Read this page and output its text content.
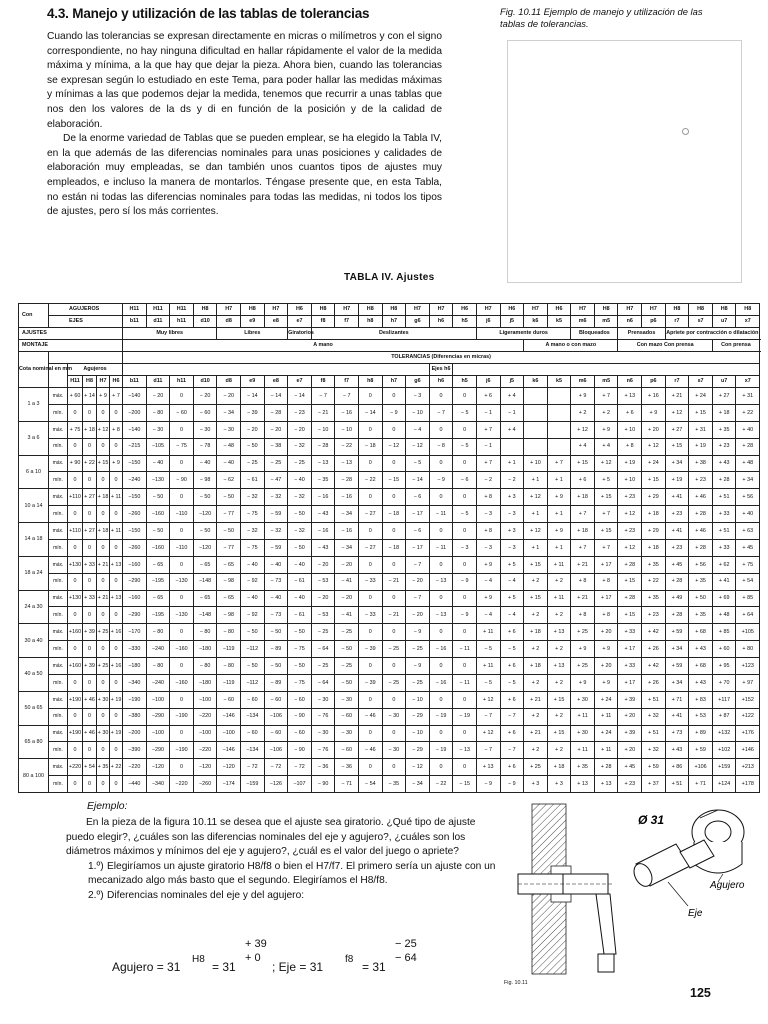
4.3. Manejo y utilización de las tablas de tolerancias

Cuando las tolerancias se expresan directamente en micras o milímetros y con el signo correspondiente, no hay ninguna dificultad en hallar rápidamente el valor de la medida máxima y mínima, a la que hay que dejar la pieza. Ahora bien, cuando las tolerancias se expresan según lo estudiado en este Tema, para poder hallar las medidas máximas y mínimas a las que podemos dejar la medida, tenemos que recurrir a unas tablas que nos den los valores de la ds y di en función de la posición y de la calidad de elaboración.

De la enorme variedad de Tablas que se pueden emplear, se ha elegido la Tabla IV, en la que además de las diferencias nominales para unas posiciones y calidades de elaboración muy empleadas, se dan también unos cuantos tipos de ajustes muy empleados, e incluso la manera de montarlos. Téngase presente que, en esta Tabla, no están ni todas las diferencias nominales para todas las medidas, ni todos los tipos de ajustes, pero sí los más corrientes.

Fig. 10.11 Ejemplo de manejo y utilización de las tablas de tolerancias.
TABLA IV. Ajustes
Con	AGUJEROS					H11	H11	H11	H8	H7	H8	H7	H6	H8	H7	H8	H8	H7	H7	H6	H7	H6	H7	H6	H7	H8	H7	H7	H8	H8	H8	H8	
	EJES					b11	d11	h11	d10	d8	e9	e8	e7	f8	f7	h8	h7	g6	h6	h5	j6	j5	k6	k5	m6	m5	n6	p6	r7	s7	u7	x7	
AJUSTES						Muy libres				Libres			Giratorios	Deslizantes							Ligeramente duros				Bloqueados		Prensados		Apriete por contracción o dilatación				
MONTAJE						A mano																	A mano o con mazo				Con mazo Con prensa				Con prensa	
Cota nominal en mm						TOLERANCIAS (Diferencias en micras)																											
		Agujeros																	Ejes h6														
		H11	H8	H7	H6	b11	d11	h11	d10	d8	e9	e8	e7	f8	f7	h8	h7	g6	h6	h5	j6	j5	k6	k5	m6	m5	n6	p6	r7	s7	u7	x7	
1 a 3	máx.	+ 60	+ 14	+ 9	+ 7	−140	− 20	0	− 20	− 20	− 14	− 14	− 14	− 7	− 7	0	0	− 3	0	0	+ 6	+ 4			+ 9	+ 7	+ 13	+ 16	+ 21	+ 24	+ 27	+ 31	
	mín.	0	0	0	0	−200	− 80	− 60	− 60	− 34	− 39	− 28	− 23	− 21	− 16	− 14	− 9	− 10	− 7	− 5	− 1	− 1			+ 2	+ 2	+ 6	+ 9	+ 12	+ 15	+ 18	+ 22	
3 a 6	máx.	+ 75	+ 18	+ 12	+ 8	−140	− 30	0	− 30	− 30	− 20	− 20	− 20	− 10	− 10	0	0	− 4	0	0	+ 7	+ 4			+ 12	+ 9	+ 10	+ 20	+ 27	+ 31	+ 35	+ 40	
	mín.	0	0	0	0	−215	−105	− 75	− 78	− 48	− 50	− 38	− 32	− 28	− 22	− 18	− 12	− 12	− 8	− 5	− 1				+ 4	+ 4	+ 8	+ 12	+ 15	+ 19	+ 23	+ 28	
6 a 10	máx.	+ 90	+ 22	+ 15	+ 9	−150	− 40	0	− 40	− 40	− 25	− 25	− 25	− 13	− 13	0	0	− 5	0	0	+ 7	+ 1	+ 10	+ 7	+ 15	+ 12	+ 19	+ 24	+ 34	+ 38	+ 43	+ 48	
	mín.	0	0	0	0	−240	−130	− 90	− 98	− 62	− 61	− 47	− 40	− 35	− 28	− 22	− 15	− 14	− 9	− 6	− 2	− 2	+ 1	+ 1	+ 6	+ 5	+ 10	+ 15	+ 19	+ 23	+ 28	+ 34	
10 a 14	máx.	+110	+ 27	+ 18	+ 11	−150	− 50	0	− 50	− 50	− 32	− 32	− 32	− 16	− 16	0	0	− 6	0	0	+ 8	+ 3	+ 12	+ 9	+ 18	+ 15	+ 23	+ 29	+ 41	+ 46	+ 51	+ 56	
	mín.	0	0	0	0	−260	−160	−110	−120	− 77	− 75	− 59	− 50	− 43	− 34	− 27	− 18	− 17	− 11	− 5	− 3	− 3	+ 1	+ 1	+ 7	+ 7	+ 12	+ 18	+ 23	+ 28	+ 33	+ 40	
14 a 18	máx.	+110	+ 27	+ 18	+ 11	−150	− 50	0	− 50	− 50	− 32	− 32	− 32	− 16	− 16	0	0	− 6	0	0	+ 8	+ 3	+ 12	+ 9	+ 18	+ 15	+ 23	+ 29	+ 41	+ 46	+ 51	+ 63	
	mín.	0	0	0	0	−260	−160	−110	−120	− 77	− 75	− 59	− 50	− 43	− 34	− 27	− 18	− 17	− 11	− 3	− 3	− 3	+ 1	+ 1	+ 7	+ 7	+ 12	+ 18	+ 23	+ 28	+ 33	+ 45	
18 a 24	máx.	+130	+ 33	+ 21	+ 13	−160	− 65	0	− 65	− 65	− 40	− 40	− 40	− 20	− 20	0	0	− 7	0	0	+ 9	+ 5	+ 15	+ 11	+ 21	+ 17	+ 28	+ 35	+ 45	+ 56	+ 62	+ 75	
	mín.	0	0	0	0	−290	−195	−130	−148	− 98	− 92	− 73	− 61	− 53	− 41	− 33	− 21	− 20	− 13	− 9	− 4	− 4	+ 2	+ 2	+ 8	+ 8	+ 15	+ 22	+ 28	+ 35	+ 41	+ 54	
24 a 30	máx.	+130	+ 33	+ 21	+ 13	−160	− 65	0	− 65	− 65	− 40	− 40	− 40	− 20	− 20	0	0	− 7	0	0	+ 9	+ 5	+ 15	+ 11	+ 21	+ 17	+ 28	+ 35	+ 49	+ 50	+ 69	+ 85	
	mín.	0	0	0	0	−290	−195	−130	−148	− 98	− 92	− 73	− 61	− 53	− 41	− 33	− 21	− 20	− 13	− 9	− 4	− 4	+ 2	+ 2	+ 8	+ 8	+ 15	+ 23	+ 28	+ 35	+ 48	+ 64	
30 a 40	máx.	+160	+ 39	+ 25	+ 16	−170	− 80	0	− 80	− 80	− 50	− 50	− 50	− 25	− 25	0	0	− 9	0	0	+ 11	+ 6	+ 18	+ 13	+ 25	+ 20	+ 33	+ 42	+ 59	+ 68	+ 85	+105	
	mín.	0	0	0	0	−330	−240	−160	−180	−119	−112	− 89	− 75	− 64	− 50	− 39	− 25	− 25	− 16	− 11	− 5	− 5	+ 2	+ 2	+ 9	+ 9	+ 17	+ 26	+ 34	+ 43	+ 60	+ 80	
40 a 50	máx.	+160	+ 39	+ 25	+ 16	−180	− 80	0	− 80	− 80	− 50	− 50	− 50	− 25	− 25	0	0	− 9	0	0	+ 11	+ 6	+ 18	+ 13	+ 25	+ 20	+ 33	+ 42	+ 59	+ 68	+ 95	+123	
	mín.	0	0	0	0	−340	−240	−160	−180	−119	−112	− 89	− 75	− 64	− 50	− 39	− 25	− 25	− 16	− 11	− 5	− 5	+ 2	+ 2	+ 9	+ 9	+ 17	+ 26	+ 34	+ 43	+ 70	+ 97	
50 a 65	máx.	+190	+ 46	+ 30	+ 19	−190	−100	0	−100	− 60	− 60	− 60	− 60	− 30	− 30	0	0	− 10	0	0	+ 12	+ 6	+ 21	+ 15	+ 30	+ 24	+ 39	+ 51	+ 71	+ 83	+117	+152	
	mín.	0	0	0	0	−380	−290	−190	−220	−146	−134	−106	− 90	− 76	− 60	− 46	− 30	− 29	− 19	− 19	− 7	− 7	+ 2	+ 2	+ 11	+ 11	+ 20	+ 32	+ 41	+ 53	+ 87	+122	
65 a 80	máx.	+190	+ 46	+ 30	+ 19	−200	−100	0	−100	−100	− 60	− 60	− 60	− 30	− 30	0	0	− 10	0	0	+ 12	+ 6	+ 21	+ 15	+ 30	+ 24	+ 39	+ 51	+ 73	+ 89	+132	+176	
	mín.	0	0	0	0	−390	−290	−190	−220	−146	−134	−106	− 90	− 76	− 60	− 46	− 30	− 29	− 19	− 13	− 7	− 7	+ 2	+ 2	+ 11	+ 11	+ 20	+ 32	+ 43	+ 59	+102	+146	
80 a 100	máx.	+220	+ 54	+ 35	+ 22	−220	−120	0	−120	−120	− 72	− 72	− 72	− 36	− 36	0	0	− 12	0	0	+ 13	+ 6	+ 25	+ 18	+ 35	+ 28	+ 45	+ 59	+ 86	+106	+159	+213	
	mín.	0	0	0	0	−440	−340	−220	−260	−174	−159	−126	−107	− 90	− 71	− 54	− 35	− 34	− 22	− 15	− 9	− 9	+ 3	+ 3	+ 13	+ 13	+ 23	+ 37	+ 51	+ 71	+124	+178	
Ejemplo:

En la pieza de la figura 10.11 se desea que el ajuste sea giratorio. ¿Qué tipo de ajuste puedo elegir?, ¿cuáles son las diferencias nominales del eje y agujero?, ¿cuáles son los diámetros máximos y mínimos del eje y agujero?, ¿cuál es el valor del juego o apriete?

1.º) Elegiríamos un ajuste giratorio H8/f8 o bien el H7/f7. El primero sería un ajuste con un mecanizado algo más basto que el segundo. Elegiríamos el H8/f8.
2.º) Diferencias nominales del eje y del agujero:
Agujero = 31
H8
= 31
+ 39
+ 0
; Eje = 31
f8
= 31
− 25
− 64
Ø 31
Agujero
Eje
Fig. 10.11
125
